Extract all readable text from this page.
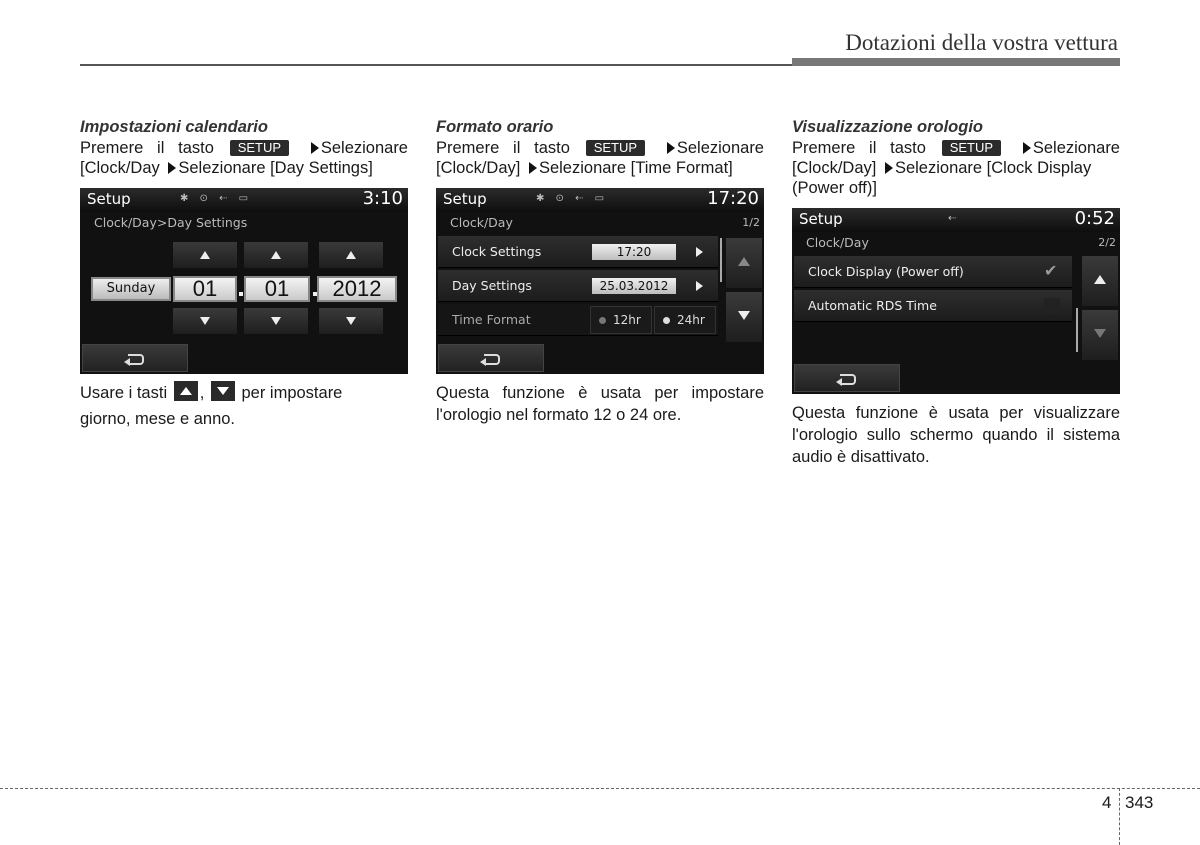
Dotazioni della vostra vettura
Impostazioni calendario
Premere il tasto SETUP Selezionare
[Clock/Day Selezionare [Day Settings]
Setup	✱ ⊙ ⇠ ▭	3:10
Clock/Day>Day Settings
Sunday	01	01	2012
Usare i tasti , per impostare
giorno, mese e anno.
Formato orario
Premere il tasto SETUP Selezionare
[Clock/Day] Selezionare [Time Format]
Setup	✱ ⊙ ⇠ ▭	17:20
Clock/Day	1/2
Clock Settings	17:20
Day Settings	25.03.2012
Time Format	12hr	24hr
Questa funzione è usata per impostare l'orologio nel formato 12 o 24 ore.
Visualizzazione orologio
Premere il tasto SETUP Selezionare
[Clock/Day] Selezionare [Clock Display
(Power off)]
Setup	⇠	0:52
Clock/Day	2/2
Clock Display (Power off)	✔
Automatic RDS Time
Questa funzione è usata per visualizzare l'orologio sullo schermo quando il sistema audio è disattivato.
4 343
